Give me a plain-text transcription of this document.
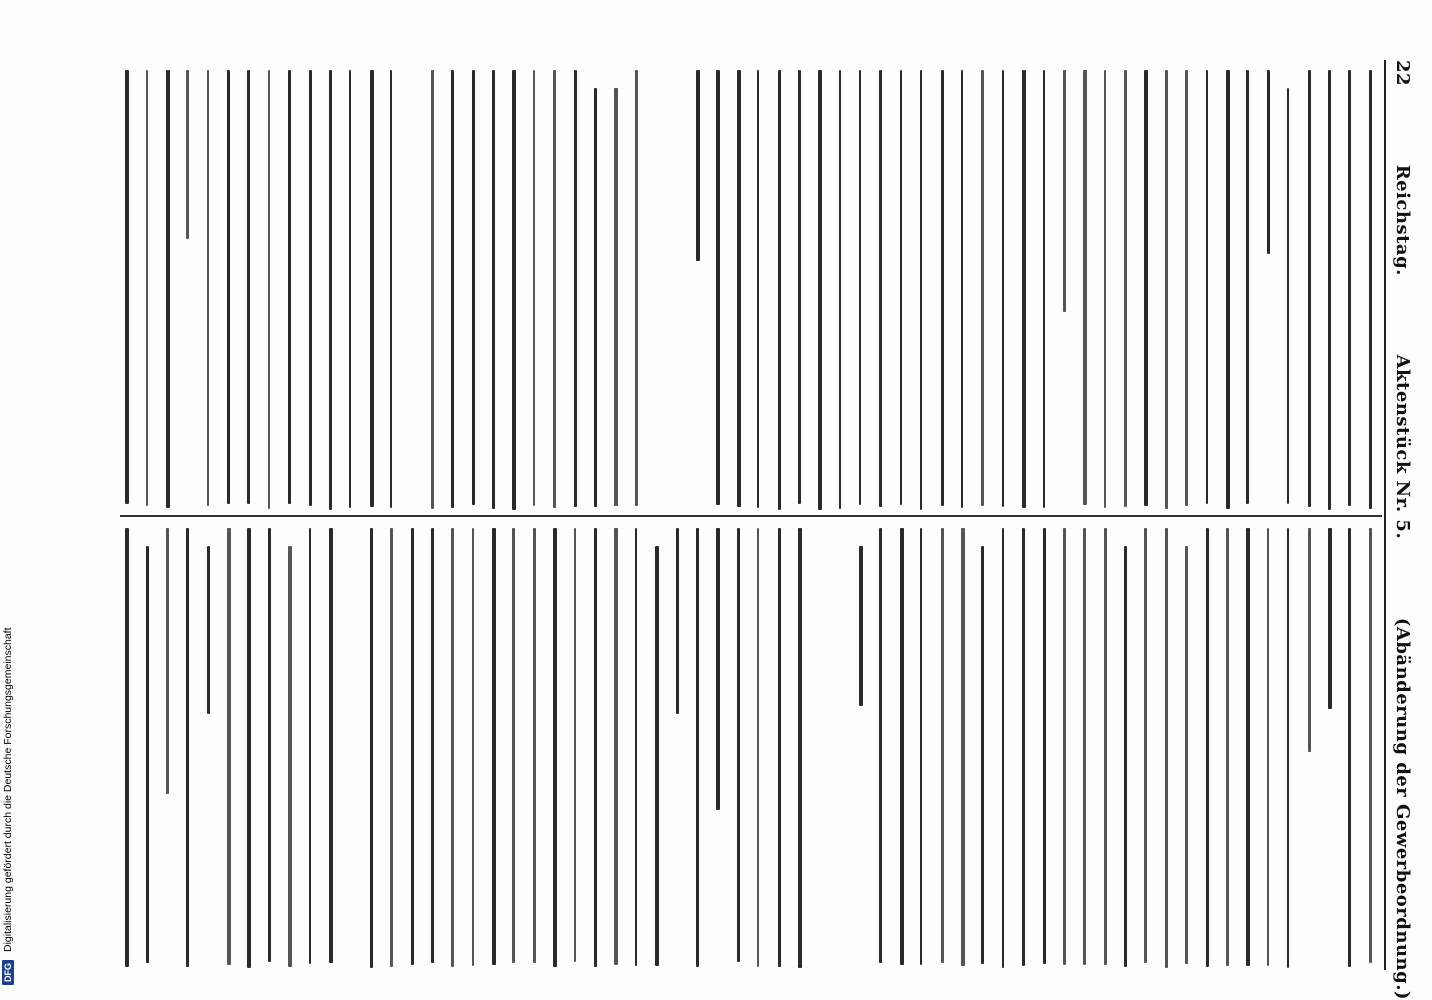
22
Reichstag.
Aktenstück Nr. 5.
(Abänderung der Gewerbeordnung.)
DFG
Digitalisierung gefördert durch die Deutsche Forschungsgemeinschaft
